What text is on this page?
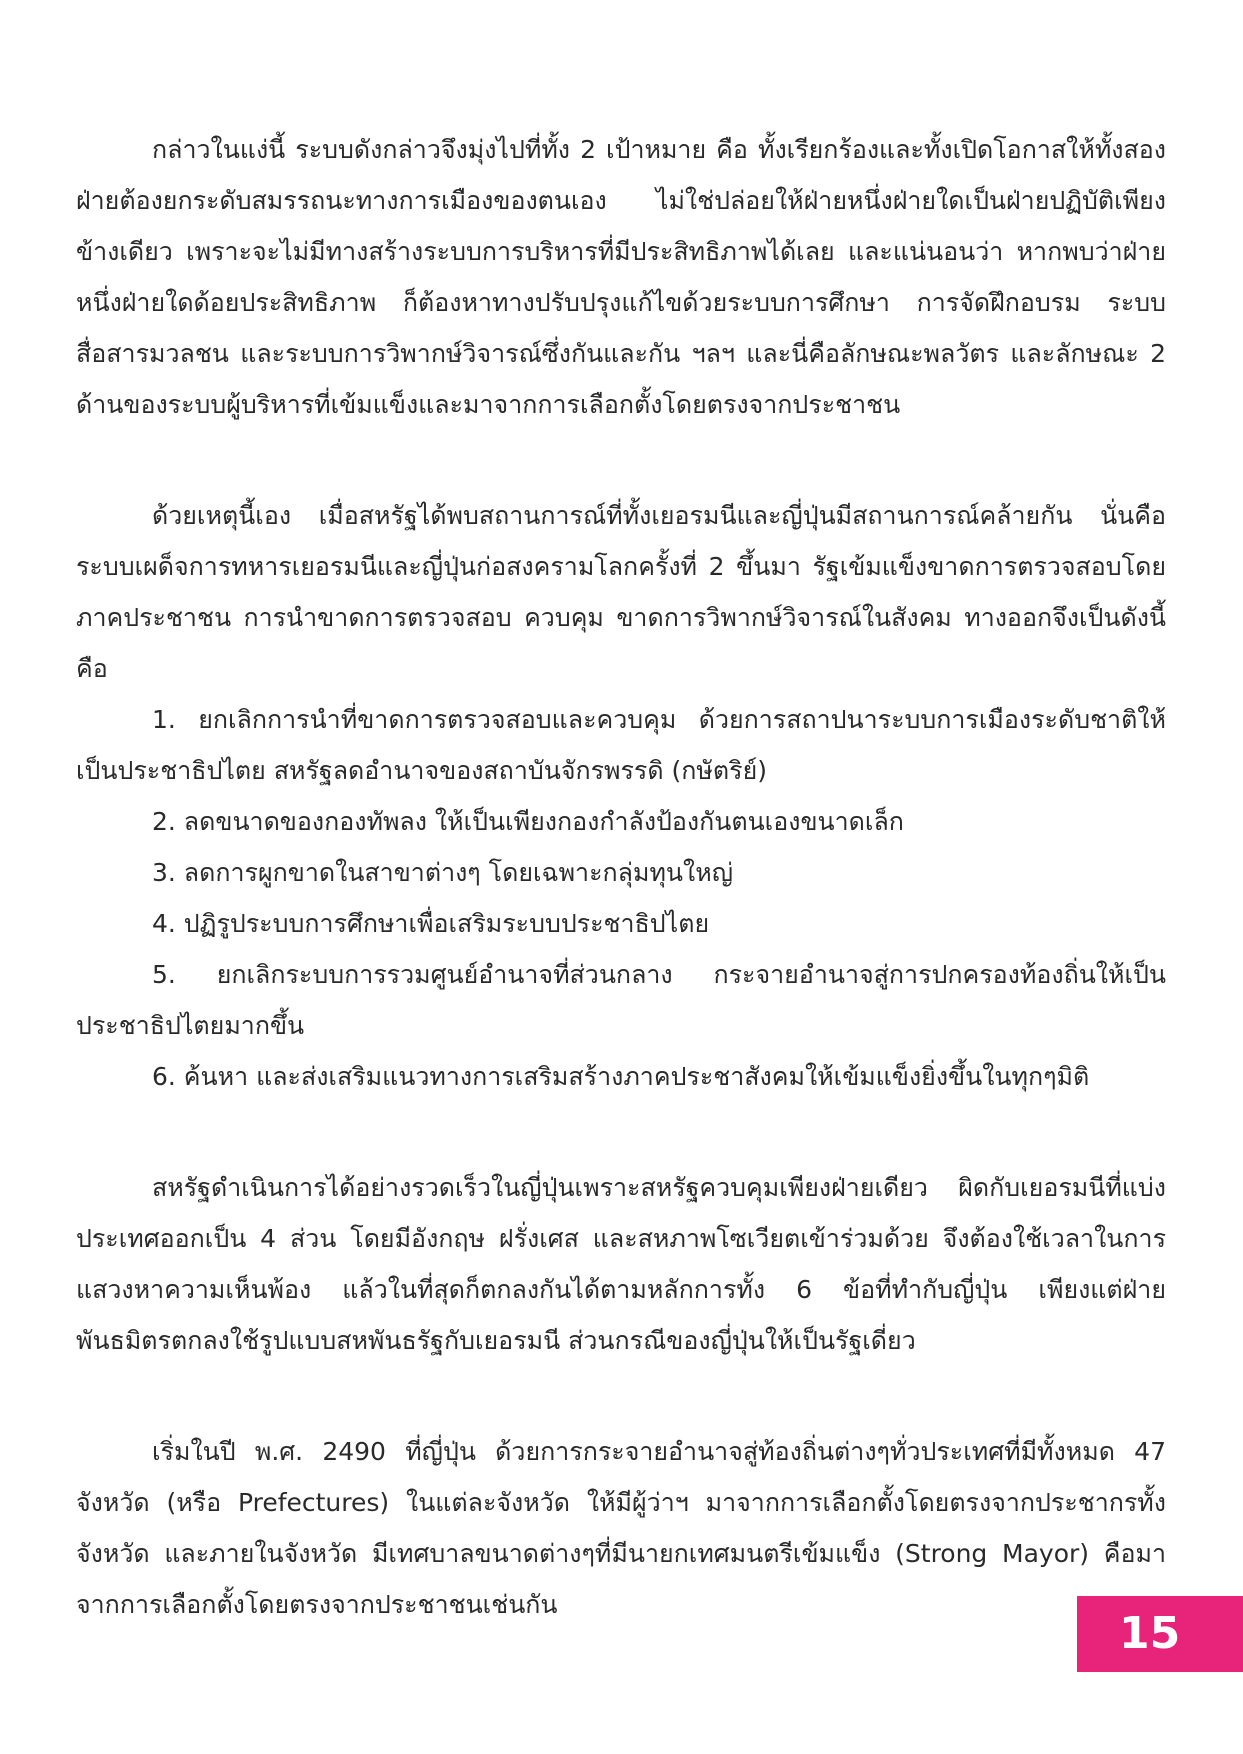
กล่าวในแง่นี้ ระบบดังกล่าวจึงมุ่งไปที่ทั้ง 2 เป้าหมาย คือ ทั้งเรียกร้องและทั้งเปิดโอกาสให้ทั้งสองฝ่ายต้องยกระดับสมรรถนะทางการเมืองของตนเอง ไม่ใช่ปล่อยให้ฝ่ายหนึ่งฝ่ายใดเป็นฝ่ายปฏิบัติเพียงข้างเดียว เพราะจะไม่มีทางสร้างระบบการบริหารที่มีประสิทธิภาพได้เลย และแน่นอนว่า หากพบว่าฝ่ายหนึ่งฝ่ายใดด้อยประสิทธิภาพ ก็ต้องหาทางปรับปรุงแก้ไขด้วยระบบการศึกษา การจัดฝึกอบรม ระบบสื่อสารมวลชน และระบบการวิพากษ์วิจารณ์ซึ่งกันและกัน ฯลฯ และนี่คือลักษณะพลวัตร และลักษณะ 2 ด้านของระบบผู้บริหารที่เข้มแข็งและมาจากการเลือกตั้งโดยตรงจากประชาชน

ด้วยเหตุนี้เอง เมื่อสหรัฐได้พบสถานการณ์ที่ทั้งเยอรมนีและญี่ปุ่นมีสถานการณ์คล้ายกัน นั่นคือ ระบบเผด็จการทหารเยอรมนีและญี่ปุ่นก่อสงครามโลกครั้งที่ 2 ขึ้นมา รัฐเข้มแข็งขาดการตรวจสอบโดยภาคประชาชน การนำขาดการตรวจสอบ ควบคุม ขาดการวิพากษ์วิจารณ์ในสังคม ทางออกจึงเป็นดังนี้ คือ

1. ยกเลิกการนำที่ขาดการตรวจสอบและควบคุม ด้วยการสถาปนาระบบการเมืองระดับชาติให้เป็นประชาธิปไตย สหรัฐลดอำนาจของสถาบันจักรพรรดิ (กษัตริย์)

2. ลดขนาดของกองทัพลง ให้เป็นเพียงกองกำลังป้องกันตนเองขนาดเล็ก

3. ลดการผูกขาดในสาขาต่างๆ โดยเฉพาะกลุ่มทุนใหญ่

4. ปฏิรูประบบการศึกษาเพื่อเสริมระบบประชาธิปไตย

5. ยกเลิกระบบการรวมศูนย์อำนาจที่ส่วนกลาง กระจายอำนาจสู่การปกครองท้องถิ่นให้เป็นประชาธิปไตยมากขึ้น

6. ค้นหา และส่งเสริมแนวทางการเสริมสร้างภาคประชาสังคมให้เข้มแข็งยิ่งขึ้นในทุกๆมิติ

สหรัฐดำเนินการได้อย่างรวดเร็วในญี่ปุ่นเพราะสหรัฐควบคุมเพียงฝ่ายเดียว ผิดกับเยอรมนีที่แบ่งประเทศออกเป็น 4 ส่วน โดยมีอังกฤษ ฝรั่งเศส และสหภาพโซเวียตเข้าร่วมด้วย จึงต้องใช้เวลาในการแสวงหาความเห็นพ้อง แล้วในที่สุดก็ตกลงกันได้ตามหลักการทั้ง 6 ข้อที่ทำกับญี่ปุ่น เพียงแต่ฝ่ายพันธมิตรตกลงใช้รูปแบบสหพันธรัฐกับเยอรมนี ส่วนกรณีของญี่ปุ่นให้เป็นรัฐเดี่ยว

เริ่มในปี พ.ศ. 2490 ที่ญี่ปุ่น ด้วยการกระจายอำนาจสู่ท้องถิ่นต่างๆทั่วประเทศที่มีทั้งหมด 47 จังหวัด (หรือ Prefectures) ในแต่ละจังหวัด ให้มีผู้ว่าฯ มาจากการเลือกตั้งโดยตรงจากประชากรทั้งจังหวัด และภายในจังหวัด มีเทศบาลขนาดต่างๆที่มีนายกเทศมนตรีเข้มแข็ง (Strong Mayor) คือมาจากการเลือกตั้งโดยตรงจากประชาชนเช่นกัน

15
